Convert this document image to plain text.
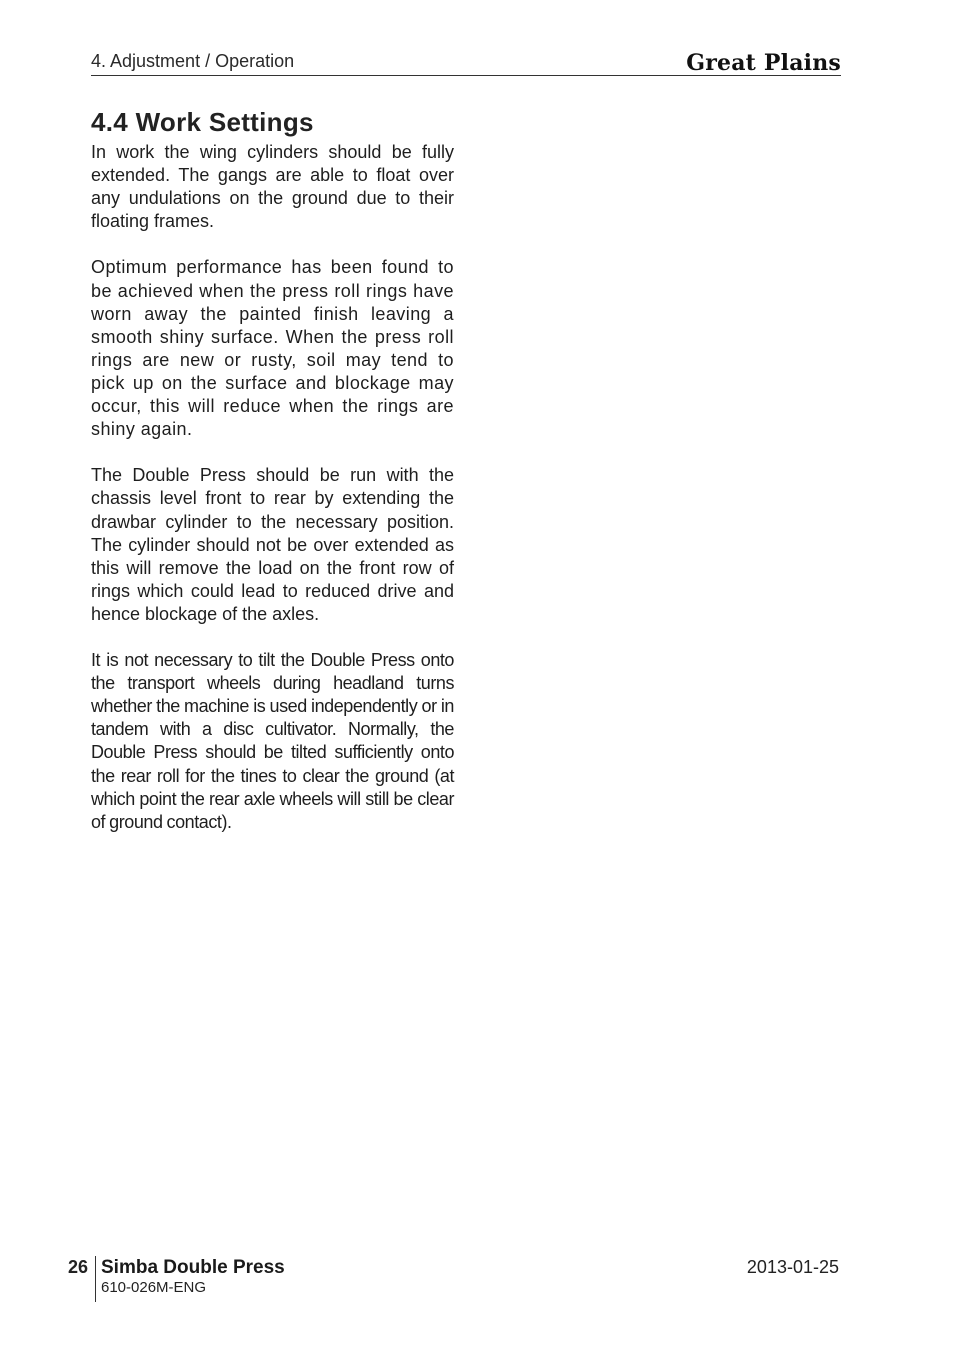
4. Adjustment / Operation	Great Plains
4.4 Work Settings

In work the wing cylinders should be fully extended. The gangs are able to float over any undulations on the ground due to their floating frames.

Optimum performance has been found to be achieved when the press roll rings have worn away the painted finish leaving a smooth shiny surface. When the press roll rings are new or rusty, soil may tend to pick up on the surface and blockage may occur, this will reduce when the rings are shiny again.

The Double Press should be run with the chassis level front to rear by extending the drawbar cylinder to the necessary position. The cylinder should not be over extended as this will remove the load on the front row of rings which could lead to reduced drive and hence blockage of the axles.

It is not necessary to tilt the Double Press onto the transport wheels during headland turns whether the machine is used independently or in tandem with a disc cultivator. Normally, the Double Press should be tilted sufficiently onto the rear roll for the tines to clear the ground (at which point the rear axle wheels will still be clear of ground contact).

26 Simba Double Press
610-026M-ENG
2013-01-25
